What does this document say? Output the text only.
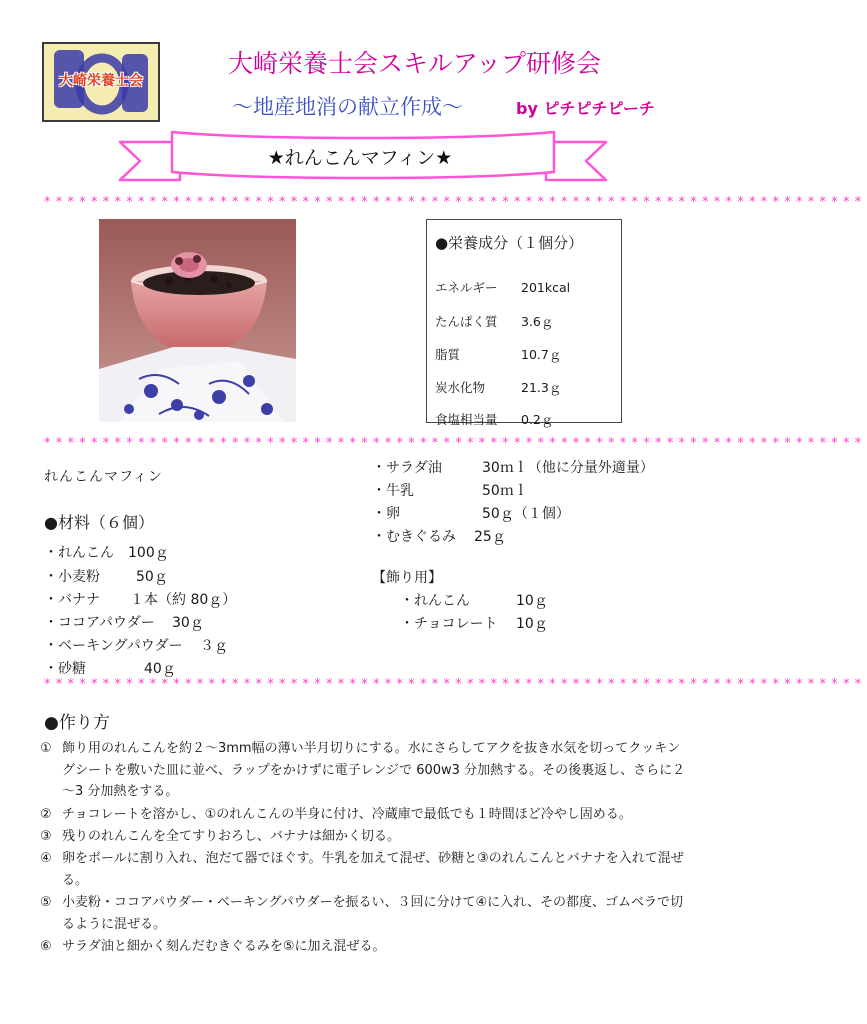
大崎栄養士会
大崎栄養士会スキルアップ研修会
～地産地消の献立作成～	by ピチピチピーチ
★れんこんマフィン★
**********************************************************************
●栄養成分（１個分）
エネルギー 201kcal
たんぱく質 3.6ｇ
脂質	10.7ｇ
炭水化物	21.3ｇ
食塩相当量 0.2ｇ
**********************************************************************
れんこんマフィン
●材料（６個）
・れんこん 100ｇ
・小麦粉	50ｇ
・バナナ １本（約 80ｇ）
・ココアパウダー 30ｇ
・ベーキングパウダー ３ｇ
・砂糖	40ｇ
・サラダ油	30ｍｌ（他に分量外適量）
・牛乳	50ｍｌ
・卵	50ｇ（１個）
・むきぐるみ 25ｇ
【飾り用】
・れんこん	10ｇ
・チョコレート 10ｇ
**********************************************************************
●作り方
① 飾り用のれんこんを約２～3mm幅の薄い半月切りにする。水にさらしてアクを抜き水気を切ってクッキングシートを敷いた皿に並べ、ラップをかけずに電子レンジで 600w3 分加熱する。その後裏返し、さらに２～3 分加熱をする。
② チョコレートを溶かし、①のれんこんの半身に付け、冷蔵庫で最低でも１時間ほど冷やし固める。
③ 残りのれんこんを全てすりおろし、バナナは細かく切る。
④ 卵をボールに割り入れ、泡だて器でほぐす。牛乳を加えて混ぜ、砂糖と③のれんこんとバナナを入れて混ぜる。
⑤ 小麦粉・ココアパウダー・ベーキングパウダーを振るい、３回に分けて④に入れ、その都度、ゴムベラで切るように混ぜる。
⑥ サラダ油と細かく刻んだむきぐるみを⑤に加え混ぜる。
